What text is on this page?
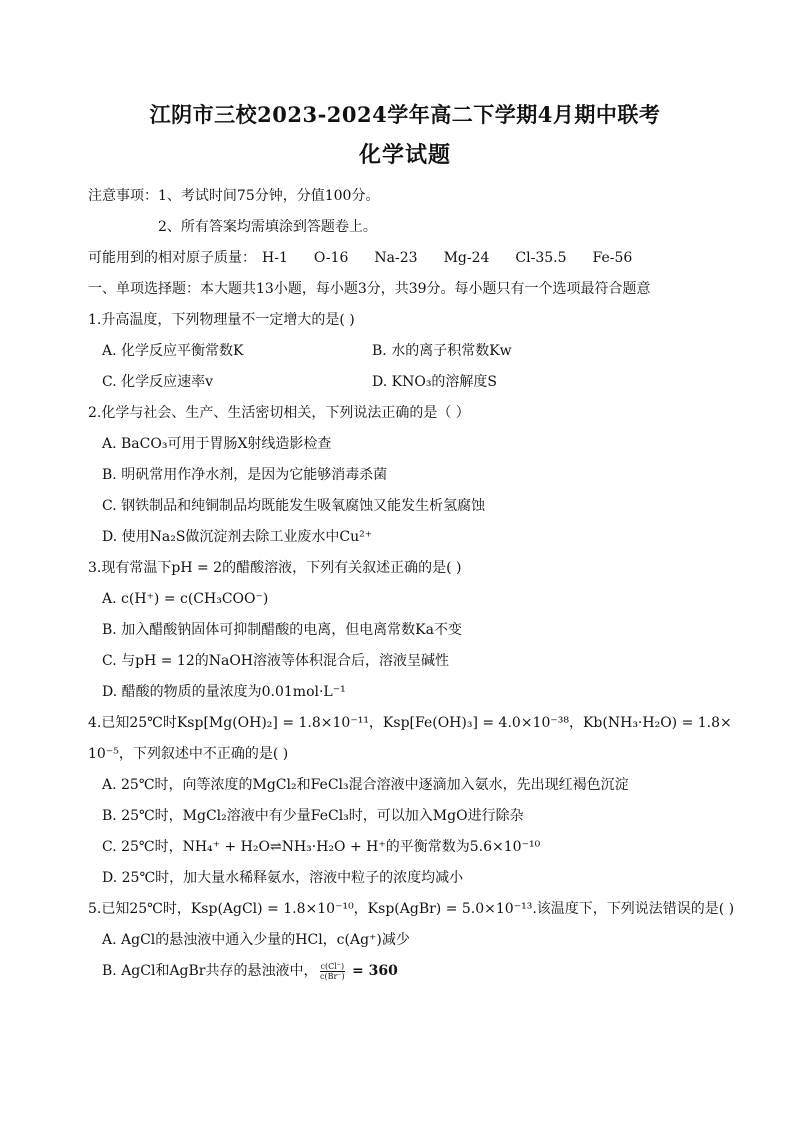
江阴市三校2023-2024学年高二下学期4月期中联考
化学试题

注意事项：1、考试时间75分钟，分值100分。

2、所有答案均需填涂到答题卷上。

可能用到的相对原子质量： H-1 O-16 Na-23 Mg-24 Cl-35.5 Fe-56

一、单项选择题：本大题共13小题，每小题3分，共39分。每小题只有一个选项最符合题意

1.升高温度，下列物理量不一定增大的是( )

A. 化学反应平衡常数K	B. 水的离子积常数Kw
C. 化学反应速率v	D. KNO₃的溶解度S

2.化学与社会、生产、生活密切相关，下列说法正确的是（ ）

A. BaCO₃可用于胃肠X射线造影检查

B. 明矾常用作净水剂，是因为它能够消毒杀菌

C. 钢铁制品和纯铜制品均既能发生吸氧腐蚀又能发生析氢腐蚀

D. 使用Na₂S做沉淀剂去除工业废水中Cu²⁺

3.现有常温下pH = 2的醋酸溶液，下列有关叙述正确的是( )

A. c(H⁺) = c(CH₃COO⁻)

B. 加入醋酸钠固体可抑制醋酸的电离，但电离常数Ka不变

C. 与pH = 12的NaOH溶液等体积混合后，溶液呈碱性

D. 醋酸的物质的量浓度为0.01mol·L⁻¹

4.已知25℃时Ksp[Mg(OH)₂] = 1.8×10⁻¹¹，Ksp[Fe(OH)₃] = 4.0×10⁻³⁸，Kb(NH₃·H₂O) = 1.8×

10⁻⁵，下列叙述中不正确的是( )

A. 25℃时，向等浓度的MgCl₂和FeCl₃混合溶液中逐滴加入氨水，先出现红褐色沉淀

B. 25℃时，MgCl₂溶液中有少量FeCl₃时，可以加入MgO进行除杂

C. 25℃时，NH₄⁺ + H₂O⇌NH₃·H₂O + H⁺的平衡常数为5.6×10⁻¹⁰

D. 25℃时，加大量水稀释氨水，溶液中粒子的浓度均减小

5.已知25℃时，Ksp(AgCl) = 1.8×10⁻¹⁰，Ksp(AgBr) = 5.0×10⁻¹³.该温度下，下列说法错误的是( )

A. AgCl的悬浊液中通入少量的HCl，c(Ag⁺)减少

B. AgCl和AgBr共存的悬浊液中， $\frac{c(Cl^-)}{c(Br^-)} = 360$
